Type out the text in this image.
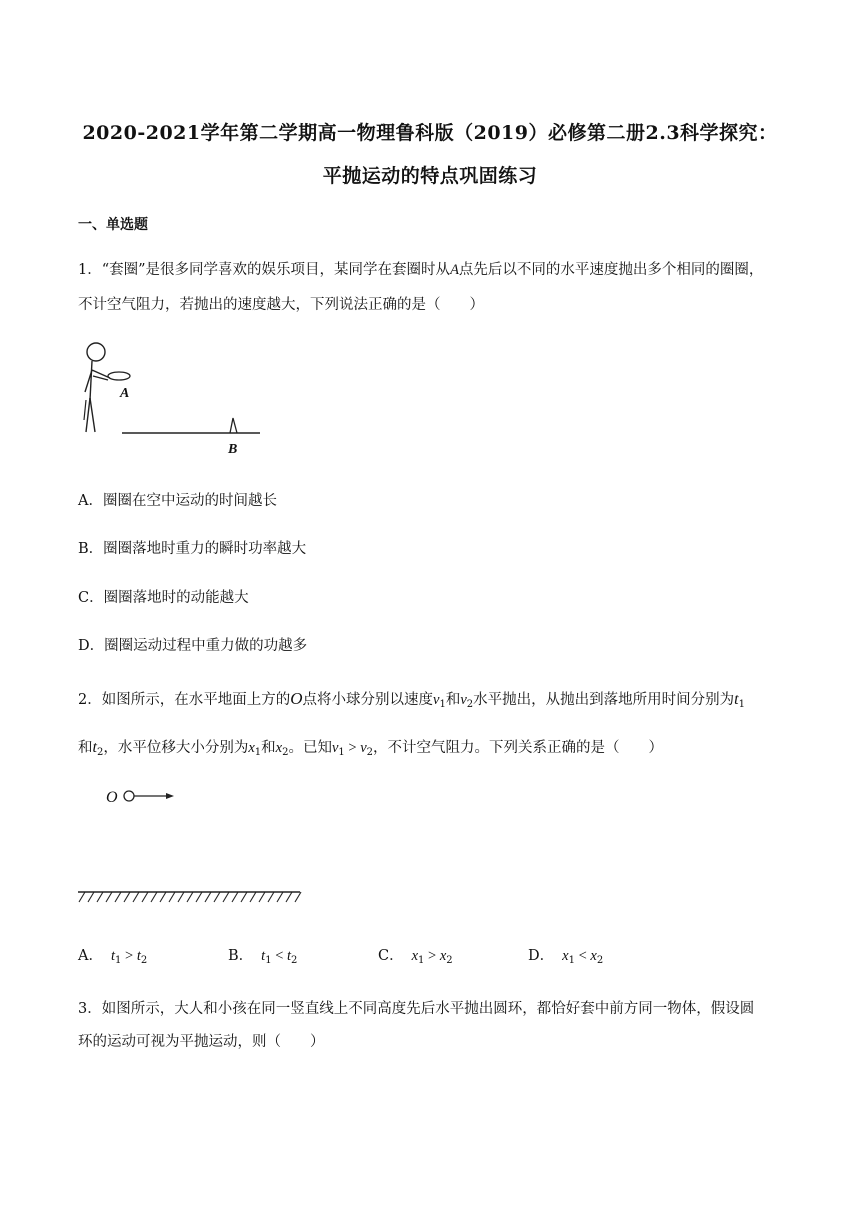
2020-2021学年第二学期高一物理鲁科版（2019）必修第二册2.3科学探究：
平抛运动的特点巩固练习
一、单选题
1．“套圈”是很多同学喜欢的娱乐项目，某同学在套圈时从A点先后以不同的水平速度抛出多个相同的圈圈，
不计空气阻力，若抛出的速度越大，下列说法正确的是（　　）
A
B
A．圈圈在空中运动的时间越长
B．圈圈落地时重力的瞬时功率越大
C．圈圈落地时的动能越大
D．圈圈运动过程中重力做的功越多
2．如图所示，在水平地面上方的O点将小球分别以速度$v_1$和$v_2$水平抛出，从抛出到落地所用时间分别为$t_1$
和$t_2$，水平位移大小分别为$x_1$和$x_2$。已知$v_1 > v_2$，不计空气阻力。下列关系正确的是（　　）
O
A． $t_1 > t_2$	B． $t_1 < t_2$	C． $x_1 > x_2$	D． $x_1 < x_2$
3．如图所示，大人和小孩在同一竖直线上不同高度先后水平抛出圆环，都恰好套中前方同一物体，假设圆
环的运动可视为平抛运动，则（　　）
